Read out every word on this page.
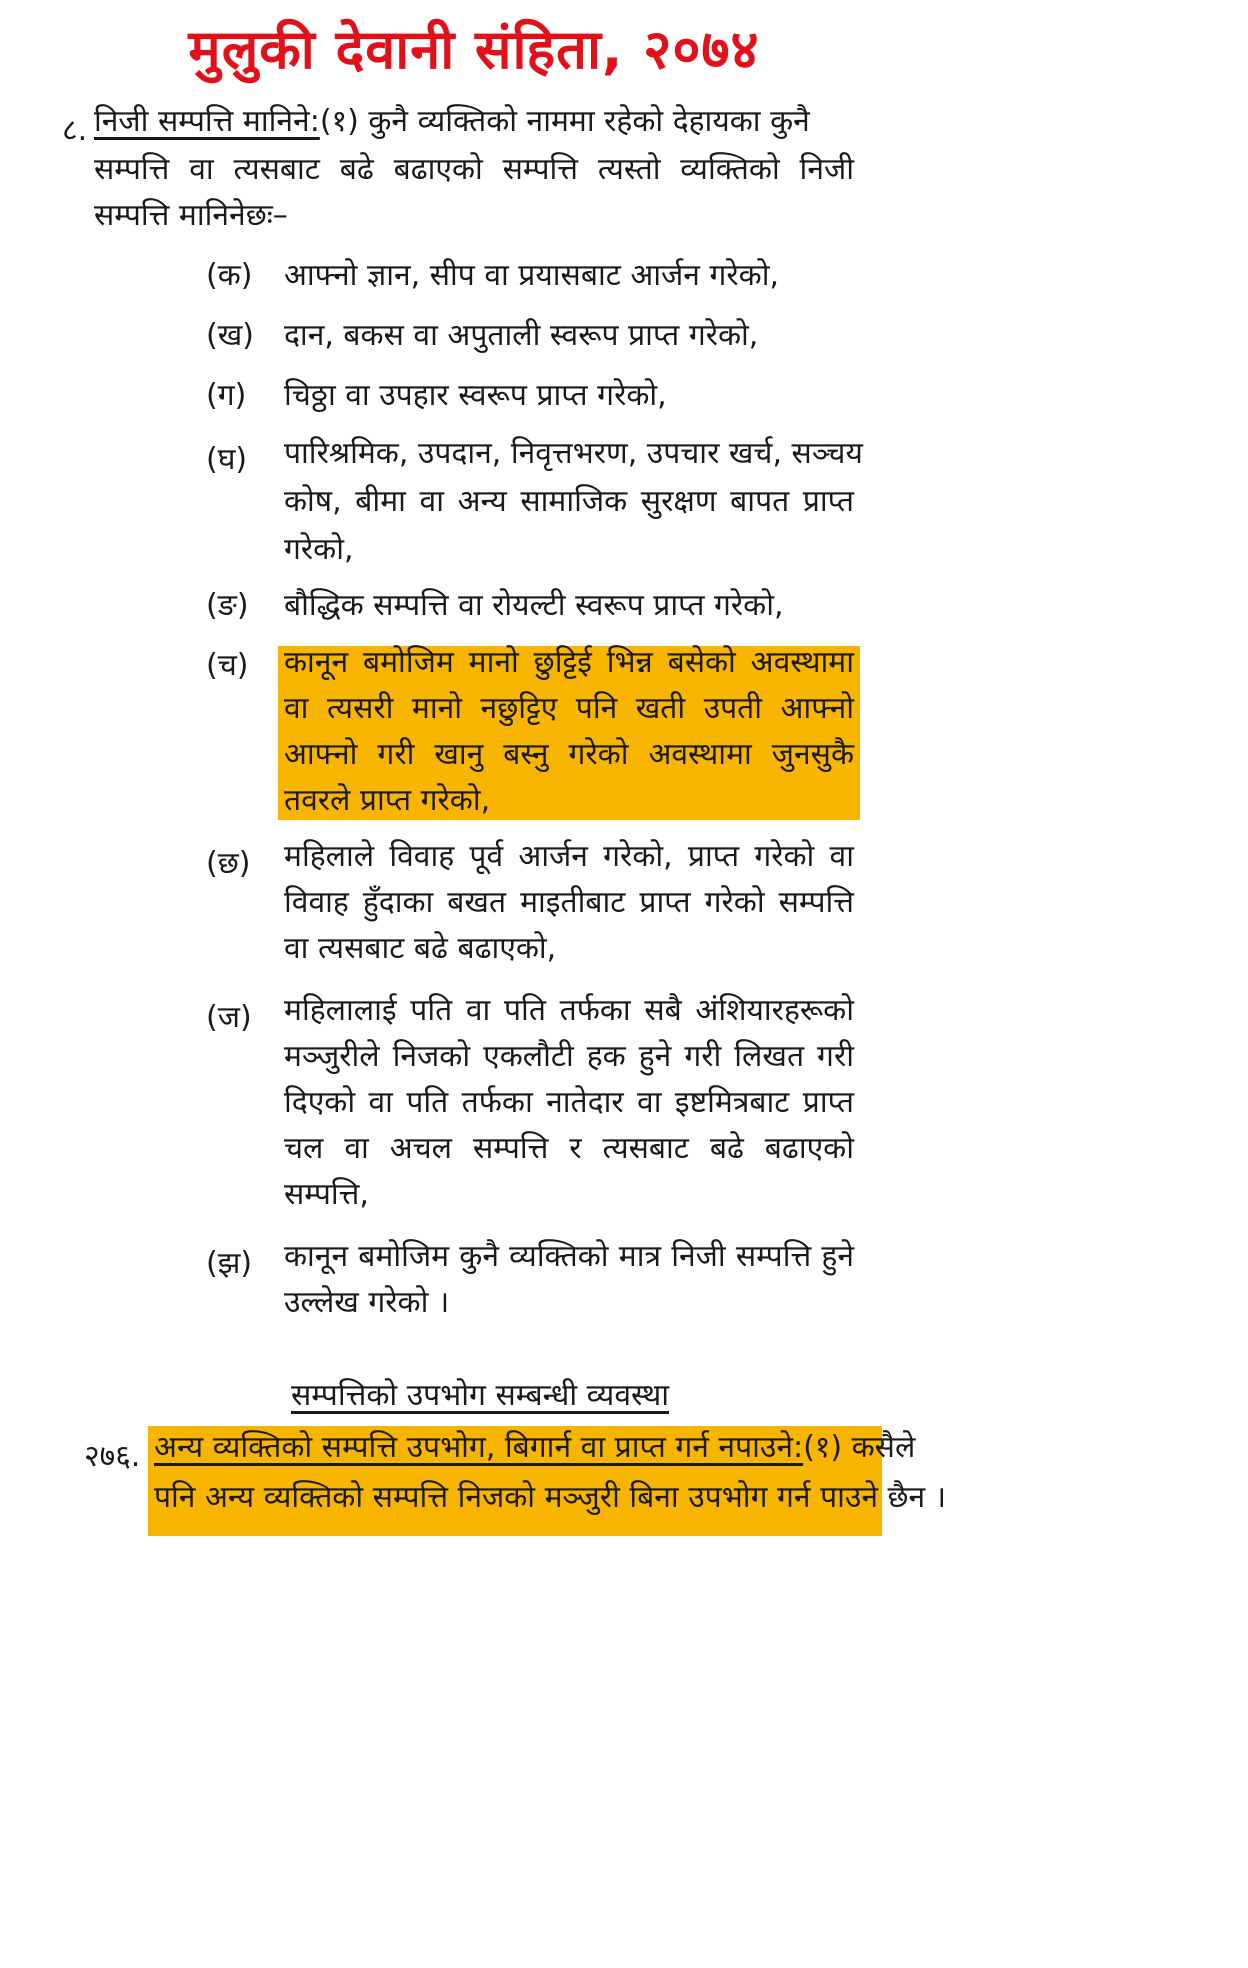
मुलुकी देवानी संहिता, २०७४
८. निजी सम्पत्ति मानिने:(१) कुनै व्यक्तिको नाममा रहेको देहायका कुनै
सम्पत्ति वा त्यसबाट बढे बढाएको सम्पत्ति त्यस्तो व्यक्तिको निजी
सम्पत्ति मानिनेछः–
(क) आफ्नो ज्ञान, सीप वा प्रयासबाट आर्जन गरेको,
(ख) दान, बकस वा अपुताली स्वरूप प्राप्त गरेको,
(ग) चिठ्ठा वा उपहार स्वरूप प्राप्त गरेको,
(घ) पारिश्रमिक, उपदान, निवृत्तभरण, उपचार खर्च, सञ्चय
कोष, बीमा वा अन्य सामाजिक सुरक्षण बापत प्राप्त
गरेको,
(ङ) बौद्धिक सम्पत्ति वा रोयल्टी स्वरूप प्राप्त गरेको,
(च) कानून बमोजिम मानो छुट्टिई भिन्न बसेको अवस्थामा
वा त्यसरी मानो नछुट्टिए पनि खती उपती आफ्नो
आफ्नो गरी खानु बस्नु गरेको अवस्थामा जुनसुकै
तवरले प्राप्त गरेको,
(छ) महिलाले विवाह पूर्व आर्जन गरेको, प्राप्त गरेको वा
विवाह हुँदाका बखत माइतीबाट प्राप्त गरेको सम्पत्ति
वा त्यसबाट बढे बढाएको,
(ज) महिलालाई पति वा पति तर्फका सबै अंशियारहरूको
मञ्जुरीले निजको एकलौटी हक हुने गरी लिखत गरी
दिएको वा पति तर्फका नातेदार वा इष्टमित्रबाट प्राप्त
चल वा अचल सम्पत्ति र त्यसबाट बढे बढाएको
सम्पत्ति,
(झ) कानून बमोजिम कुनै व्यक्तिको मात्र निजी सम्पत्ति हुने
उल्लेख गरेको ।
सम्पत्तिको उपभोग सम्बन्धी व्यवस्था
२७६. अन्य व्यक्तिको सम्पत्ति उपभोग, बिगार्न वा प्राप्त गर्न नपाउने:(१) कसैले
पनि अन्य व्यक्तिको सम्पत्ति निजको मञ्जुरी बिना उपभोग गर्न पाउने छैन ।
